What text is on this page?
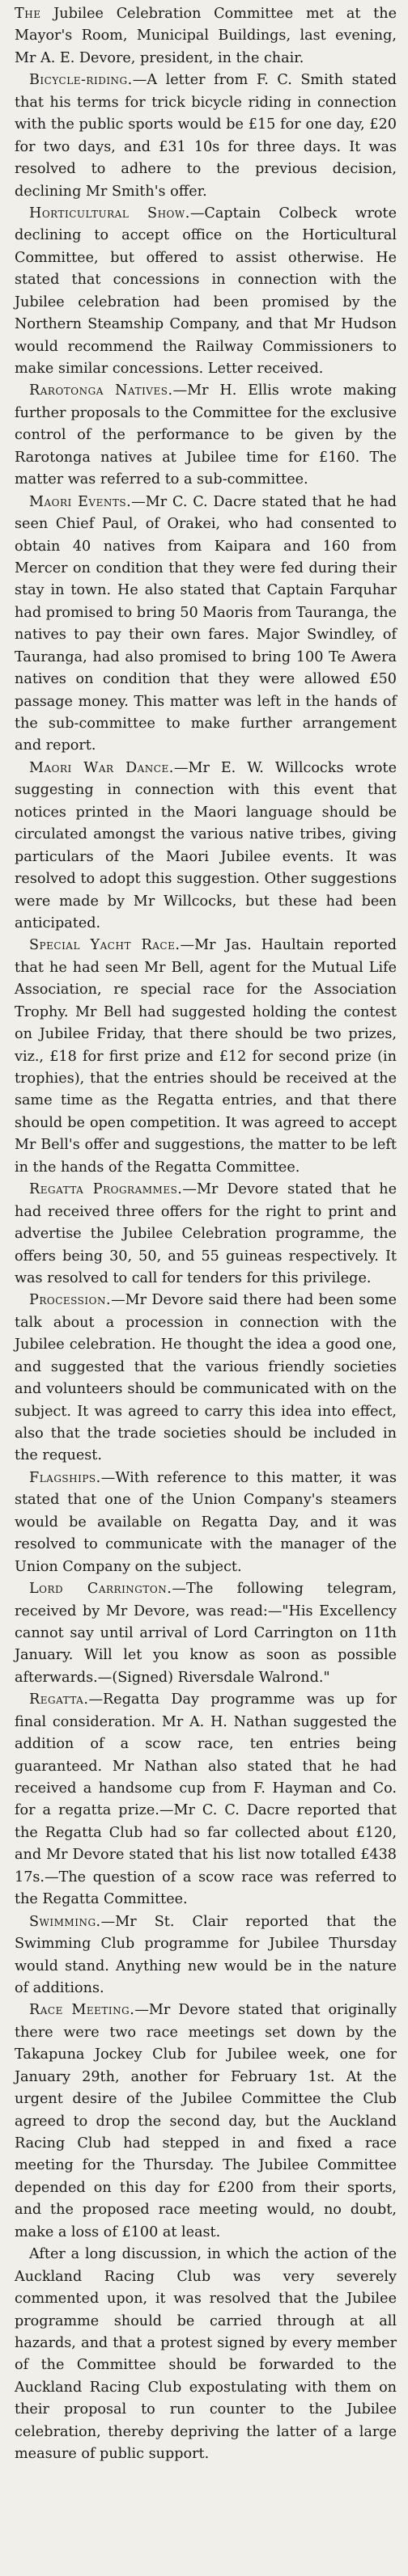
The Jubilee Celebration Committee met at the Mayor's Room, Municipal Buildings, last evening, Mr A. E. Devore, president, in the chair.

Bicycle-riding.—A letter from F. C. Smith stated that his terms for trick bicycle riding in connection with the public sports would be £15 for one day, £20 for two days, and £31 10s for three days. It was resolved to adhere to the previous decision, declining Mr Smith's offer.

Horticultural Show.—Captain Colbeck wrote declining to accept office on the Horticultural Committee, but offered to assist otherwise. He stated that concessions in connection with the Jubilee celebration had been promised by the Northern Steamship Company, and that Mr Hudson would recommend the Railway Commissioners to make similar concessions. Letter received.

Rarotonga Natives.—Mr H. Ellis wrote making further proposals to the Committee for the exclusive control of the performance to be given by the Rarotonga natives at Jubilee time for £160. The matter was referred to a sub-committee.

Maori Events.—Mr C. C. Dacre stated that he had seen Chief Paul, of Orakei, who had consented to obtain 40 natives from Kaipara and 160 from Mercer on condition that they were fed during their stay in town. He also stated that Captain Farquhar had promised to bring 50 Maoris from Tauranga, the natives to pay their own fares. Major Swindley, of Tauranga, had also promised to bring 100 Te Awera natives on condition that they were allowed £50 passage money. This matter was left in the hands of the sub-committee to make further arrangement and report.

Maori War Dance.—Mr E. W. Willcocks wrote suggesting in connection with this event that notices printed in the Maori language should be circulated amongst the various native tribes, giving particulars of the Maori Jubilee events. It was resolved to adopt this suggestion. Other suggestions were made by Mr Willcocks, but these had been anticipated.

Special Yacht Race.—Mr Jas. Haultain reported that he had seen Mr Bell, agent for the Mutual Life Association, re special race for the Association Trophy. Mr Bell had suggested holding the contest on Jubilee Friday, that there should be two prizes, viz., £18 for first prize and £12 for second prize (in trophies), that the entries should be received at the same time as the Regatta entries, and that there should be open competition. It was agreed to accept Mr Bell's offer and suggestions, the matter to be left in the hands of the Regatta Committee.

Regatta Programmes.—Mr Devore stated that he had received three offers for the right to print and advertise the Jubilee Celebration programme, the offers being 30, 50, and 55 guineas respectively. It was resolved to call for tenders for this privilege.

Procession.—Mr Devore said there had been some talk about a procession in connection with the Jubilee celebration. He thought the idea a good one, and suggested that the various friendly societies and volunteers should be communicated with on the subject. It was agreed to carry this idea into effect, also that the trade societies should be included in the request.

Flagships.—With reference to this matter, it was stated that one of the Union Company's steamers would be available on Regatta Day, and it was resolved to communicate with the manager of the Union Company on the subject.

Lord Carrington.—The following telegram, received by Mr Devore, was read:—"His Excellency cannot say until arrival of Lord Carrington on 11th January. Will let you know as soon as possible afterwards.—(Signed) Riversdale Walrond."

Regatta.—Regatta Day programme was up for final consideration. Mr A. H. Nathan suggested the addition of a scow race, ten entries being guaranteed. Mr Nathan also stated that he had received a handsome cup from F. Hayman and Co. for a regatta prize.—Mr C. C. Dacre reported that the Regatta Club had so far collected about £120, and Mr Devore stated that his list now totalled £438 17s.—The question of a scow race was referred to the Regatta Committee.

Swimming.—Mr St. Clair reported that the Swimming Club programme for Jubilee Thursday would stand. Anything new would be in the nature of additions.

Race Meeting.—Mr Devore stated that originally there were two race meetings set down by the Takapuna Jockey Club for Jubilee week, one for January 29th, another for February 1st. At the urgent desire of the Jubilee Committee the Club agreed to drop the second day, but the Auckland Racing Club had stepped in and fixed a race meeting for the Thursday. The Jubilee Committee depended on this day for £200 from their sports, and the proposed race meeting would, no doubt, make a loss of £100 at least.

After a long discussion, in which the action of the Auckland Racing Club was very severely commented upon, it was resolved that the Jubilee programme should be carried through at all hazards, and that a protest signed by every member of the Committee should be forwarded to the Auckland Racing Club expostulating with them on their proposal to run counter to the Jubilee celebration, thereby depriving the latter of a large measure of public support.
